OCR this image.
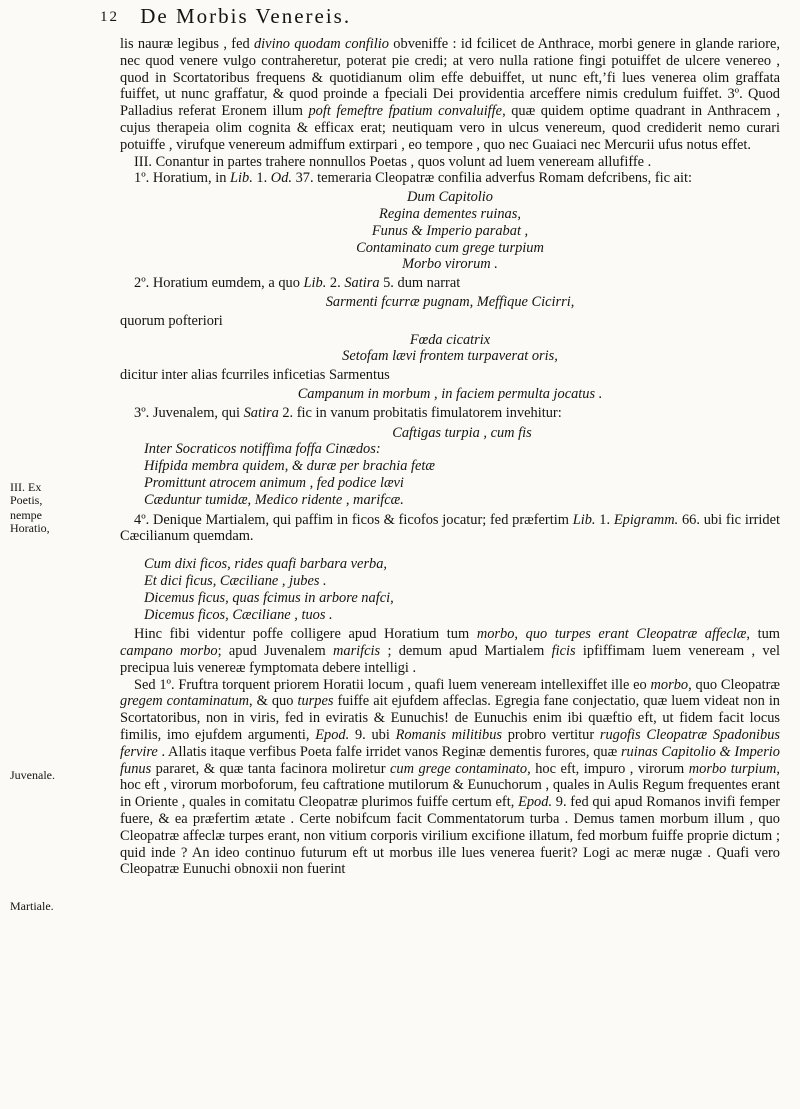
12 De Morbis Venereis.
III. Ex
Poetis,
nempe
Horatio,
Juvenale.
Martiale.

lis nauræ legibus , fed divino quodam confilio obveniffe : id fcilicet de Anthrace, morbi genere in glande rariore, nec quod venere vulgo contraheretur, poterat pie credi; at vero nulla ratione fingi potuiffet de ulcere venereo , quod in Scortatoribus frequens & quotidianum olim effe debuiffet, ut nunc eft,’fi lues venerea olim graffata fuiffet, ut nunc graffatur, & quod proinde a fpeciali Dei providentia arceffere nimis credulum fuiffet. 3º. Quod Palladius referat Eronem illum poft femeftre fpatium convaluiffe, quæ quidem optime quadrant in Anthracem , cujus therapeia olim cognita & efficax erat; neutiquam vero in ulcus venereum, quod crediderit nemo curari potuiffe , virufque venereum admiffum extirpari , eo tempore , quo nec Guaiaci nec Mercurii ufus notus effet.

III. Conantur in partes trahere nonnullos Poetas , quos volunt ad luem veneream allufiffe .

1º. Horatium, in Lib. 1. Od. 37. temeraria Cleopatræ confilia adverfus Romam defcribens, fic ait:

Dum Capitolio
Regina dementes ruinas,
Funus & Imperio parabat ,
Contaminato cum grege turpium
Morbo virorum .

2º. Horatium eumdem, a quo Lib. 2. Satira 5. dum narrat

Sarmenti fcurræ pugnam, Meffique Cicirri,

quorum pofteriori

Fœda cicatrix
Setofam lævi frontem turpaverat oris,

dicitur inter alias fcurriles inficetias Sarmentus

Campanum in morbum , in faciem permulta jocatus .

3º. Juvenalem, qui Satira 2. fic in vanum probitatis fimulatorem invehitur:

Caftigas turpia , cum fis
Inter Socraticos notiffima foffa Cinædos:
Hifpida membra quidem, & duræ per brachia fetæ
Promittunt atrocem animum , fed podice lævi
Cæduntur tumidæ, Medico ridente , marifcæ.

4º. Denique Martialem, qui paffim in ficos & ficofos jocatur; fed præfertim Lib. 1. Epigramm. 66. ubi fic irridet Cæcilianum quemdam.

Cum dixi ficos, rides quafi barbara verba,
Et dici ficus, Cæciliane , jubes .
Dicemus ficus, quas fcimus in arbore nafci,
Dicemus ficos, Cæciliane , tuos .

Hinc fibi videntur poffe colligere apud Horatium tum morbo, quo turpes erant Cleopatræ affeclæ, tum campano morbo; apud Juvenalem marifcis ; demum apud Martialem ficis ipfiffimam luem veneream , vel precipua luis venereæ fymptomata debere intelligi .

Sed 1º. Fruftra torquent priorem Horatii locum , quafi luem veneream intellexiffet ille eo morbo, quo Cleopatræ gregem contaminatum, & quo turpes fuiffe ait ejufdem affeclas. Egregia fane conjectatio, quæ luem videat non in Scortatoribus, non in viris, fed in eviratis & Eunuchis! de Eunuchis enim ibi quæftio eft, ut fidem facit locus fimilis, imo ejufdem argumenti, Epod. 9. ubi Romanis militibus probro vertitur rugofis Cleopatræ Spadonibus fervire . Allatis itaque verfibus Poeta falfe irridet vanos Reginæ dementis furores, quæ ruinas Capitolio & Imperio funus pararet, & quæ tanta facinora moliretur cum grege contaminato, hoc eft, impuro , virorum morbo turpium, hoc eft , virorum morboforum, feu caftratione mutilorum & Eunuchorum , quales in Aulis Regum frequentes erant in Oriente , quales in comitatu Cleopatræ plurimos fuiffe certum eft, Epod. 9. fed qui apud Romanos invifi femper fuere, & ea præfertim ætate . Certe nobifcum facit Commentatorum turba . Demus tamen morbum illum , quo Cleopatræ affeclæ turpes erant, non vitium corporis virilium excifione illatum, fed morbum fuiffe proprie dictum ; quid inde ? An ideo continuo futurum eft ut morbus ille lues venerea fuerit? Logi ac meræ nugæ . Quafi vero Cleopatræ Eunuchi obnoxii non fuerint
